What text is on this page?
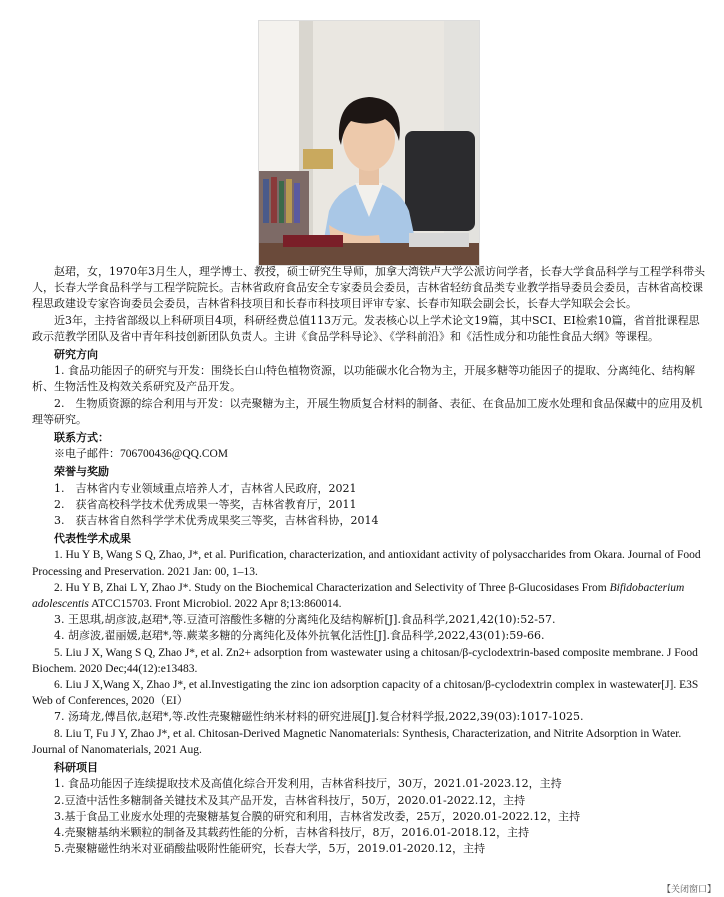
赵珺，女，1970年3月生人，理学博士、教授，硕士研究生导师，加拿大湾铁卢大学公派访问学者，长春大学食品科学与工程学科带头人，长春大学食品科学与工程学院院长。吉林省政府食品安全专家委员会委员，吉林省轻纺食品类专业教学指导委员会委员，吉林省高校课程思政建设专家咨询委员会委员，吉林省科技项目和长春市科技项目评审专家、长春市知联会副会长，长春大学知联会会长。

近3年，主持省部级以上科研项目4项，科研经费总值113万元。发表核心以上学术论文19篇，其中SCI、EI检索10篇，省首批课程思政示范教学团队及省中青年科技创新团队负责人。主讲《食品学科导论》、《学科前沿》和《活性成分和功能性食品大纲》等课程。

研究方向

1. 食品功能因子的研究与开发：围绕长白山特色植物资源，以功能碳水化合物为主，开展多糖等功能因子的提取、分离纯化、结构解析、生物活性及构效关系研究及产品开发。

2.　生物质资源的综合利用与开发：以壳聚糖为主，开展生物质复合材料的制备、表征、在食品加工废水处理和食品保藏中的应用及机理等研究。

联系方式：

※电子邮件：706700436@QQ.COM

荣誉与奖励

1.　吉林省内专业领域重点培养人才，吉林省人民政府，2021

2.　获省高校科学技术优秀成果一等奖，吉林省教育厅，2011

3.　获吉林省自然科学学术优秀成果奖三等奖，吉林省科协，2014

代表性学术成果

1. Hu Y B, Wang S Q, Zhao, J*, et al. Purification, characterization, and antioxidant activity of polysaccharides from Okara. Journal of Food Processing and Preservation. 2021 Jan: 00, 1–13.

2. Hu Y B, Zhai L Y, Zhao J*. Study on the Biochemical Characterization and Selectivity of Three β-Glucosidases From Bifidobacterium adolescentis ATCC15703. Front Microbiol. 2022 Apr 8;13:860014.

3. 王思琪,胡彦波,赵珺*,等.豆渣可溶酸性多糖的分离纯化及结构解析[J].食品科学,2021,42(10):52-57.

4. 胡彦波,翟丽媛,赵珺*,等.蕨菜多糖的分离纯化及体外抗氧化活性[J].食品科学,2022,43(01):59-66.

5. Liu J X, Wang S Q, Zhao J*, et al. Zn2+ adsorption from wastewater using a chitosan/β-cyclodextrin-based composite membrane. J Food Biochem. 2020 Dec;44(12):e13483.

6. Liu J X,Wang X, Zhao J*, et al.Investigating the zinc ion adsorption capacity of a chitosan/β-cyclodextrin complex in wastewater[J]. E3S Web of Conferences, 2020（EI）

7. 汤琦龙,傅昌依,赵珺*,等.改性壳聚糖磁性纳米材料的研究进展[J].复合材料学报,2022,39(03):1017-1025.

8. Liu T, Fu J Y, Zhao J*, et al. Chitosan-Derived Magnetic Nanomaterials: Synthesis, Characterization, and Nitrite Adsorption in Water. Journal of Nanomaterials, 2021 Aug.

科研项目

1. 食品功能因子连续提取技术及高值化综合开发利用，吉林省科技厅，30万，2021.01-2023.12，主持

2.豆渣中活性多糖制备关键技术及其产品开发，吉林省科技厅，50万，2020.01-2022.12，主持

3.基于食品工业废水处理的壳聚糖基复合膜的研究和利用，吉林省发改委，25万，2020.01-2022.12，主持

4.壳聚糖基纳米颗粒的制备及其载药性能的分析，吉林省科技厅，8万，2016.01-2018.12，主持

5.壳聚糖磁性纳米对亚硝酸盐吸附性能研究，长春大学，5万，2019.01-2020.12，主持

【关闭窗口】
